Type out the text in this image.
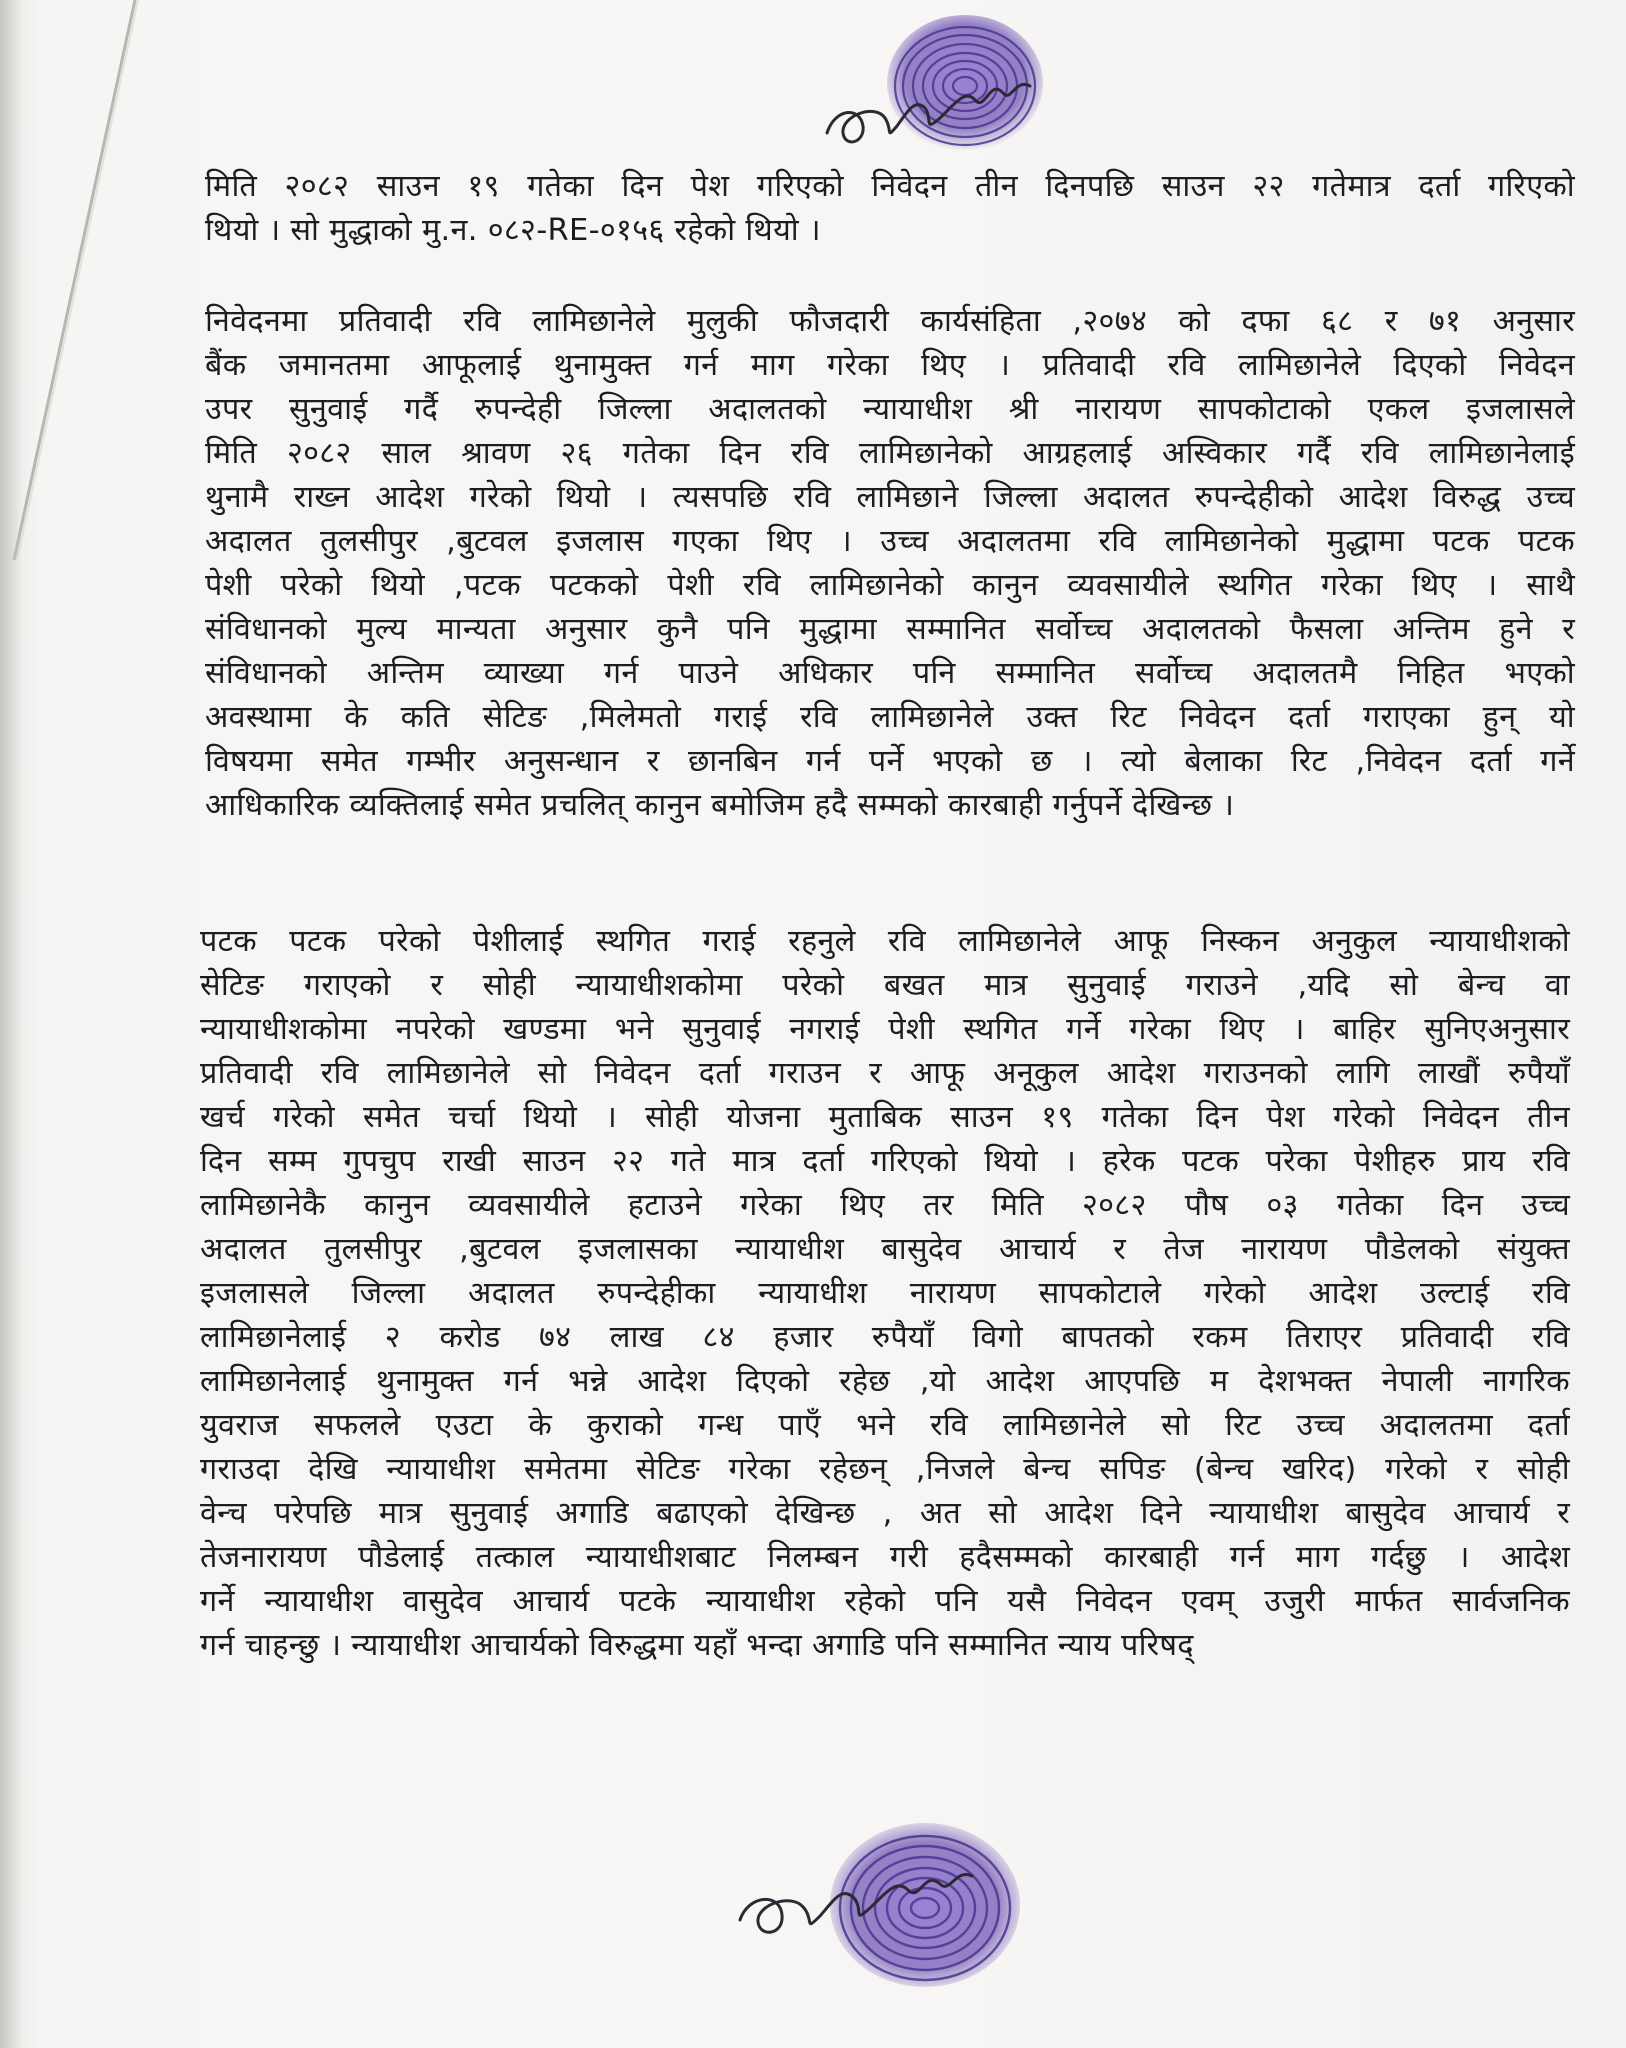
मिति २०८२ साउन १९ गतेका दिन पेश गरिएको निवेदन तीन दिनपछि साउन २२ गतेमात्र दर्ता गरिएको
थियो । सो मुद्धाको मु.न. ०८२-RE-०१५६ रहेको थियो ।
निवेदनमा प्रतिवादी रवि लामिछानेले मुलुकी फौजदारी कार्यसंहिता ,२०७४ को दफा ६८ र ७१ अनुसार
बैंक जमानतमा आफूलाई थुनामुक्त गर्न माग गरेका थिए । प्रतिवादी रवि लामिछानेले दिएको निवेदन
उपर सुनुवाई गर्दै रुपन्देही जिल्ला अदालतको न्यायाधीश श्री नारायण सापकोटाको एकल इजलासले
मिति २०८२ साल श्रावण २६ गतेका दिन रवि लामिछानेको आग्रहलाई अस्विकार गर्दै रवि लामिछानेलाई
थुनामै राख्न आदेश गरेको थियो । त्यसपछि रवि लामिछाने जिल्ला अदालत रुपन्देहीको आदेश विरुद्ध उच्च
अदालत तुलसीपुर ,बुटवल इजलास गएका थिए । उच्च अदालतमा रवि लामिछानेको मुद्धामा पटक पटक
पेशी परेको थियो ,पटक पटकको पेशी रवि लामिछानेको कानुन व्यवसायीले स्थगित गरेका थिए । साथै
संविधानको मुल्य मान्यता अनुसार कुनै पनि मुद्धामा सम्मानित सर्वोच्च अदालतको फैसला अन्तिम हुने र
संविधानको अन्तिम व्याख्या गर्न पाउने अधिकार पनि सम्मानित सर्वोच्च अदालतमै निहित भएको
अवस्थामा के कति सेटिङ ,मिलेमतो गराई रवि लामिछानेले उक्त रिट निवेदन दर्ता गराएका हुन् यो
विषयमा समेत गम्भीर अनुसन्धान र छानबिन गर्न पर्ने भएको छ । त्यो बेलाका रिट ,निवेदन दर्ता गर्ने
आधिकारिक व्यक्तिलाई समेत प्रचलित् कानुन बमोजिम हदै सम्मको कारबाही गर्नुपर्ने देखिन्छ ।
पटक पटक परेको पेशीलाई स्थगित गराई रहनुले रवि लामिछानेले आफू निस्कन अनुकुल न्यायाधीशको
सेटिङ गराएको र सोही न्यायाधीशकोमा परेको बखत मात्र सुनुवाई गराउने ,यदि सो बेन्च वा
न्यायाधीशकोमा नपरेको खण्डमा भने सुनुवाई नगराई पेशी स्थगित गर्ने गरेका थिए । बाहिर सुनिएअनुसार
प्रतिवादी रवि लामिछानेले सो निवेदन दर्ता गराउन र आफू अनूकुल आदेश गराउनको लागि लाखौं रुपैयाँ
खर्च गरेको समेत चर्चा थियो । सोही योजना मुताबिक साउन १९ गतेका दिन पेश गरेको निवेदन तीन
दिन सम्म गुपचुप राखी साउन २२ गते मात्र दर्ता गरिएको थियो । हरेक पटक परेका पेशीहरु प्राय रवि
लामिछानेकै कानुन व्यवसायीले हटाउने गरेका थिए तर मिति २०८२ पौष ०३ गतेका दिन उच्च
अदालत तुलसीपुर ,बुटवल इजलासका न्यायाधीश बासुदेव आचार्य र तेज नारायण पौडेलको संयुक्त
इजलासले जिल्ला अदालत रुपन्देहीका न्यायाधीश नारायण सापकोटाले गरेको आदेश उल्टाई रवि
लामिछानेलाई २ करोड ७४ लाख ८४ हजार रुपैयाँ विगो बापतको रकम तिराएर प्रतिवादी रवि
लामिछानेलाई थुनामुक्त गर्न भन्ने आदेश दिएको रहेछ ,यो आदेश आएपछि म देशभक्त नेपाली नागरिक
युवराज सफलले एउटा के कुराको गन्ध पाएँ भने रवि लामिछानेले सो रिट उच्च अदालतमा दर्ता
गराउदा देखि न्यायाधीश समेतमा सेटिङ गरेका रहेछन् ,निजले बेन्च सपिङ (बेन्च खरिद) गरेको र सोही
वेन्च परेपछि मात्र सुनुवाई अगाडि बढाएको देखिन्छ , अत सो आदेश दिने न्यायाधीश बासुदेव आचार्य र
तेजनारायण पौडेलाई तत्काल न्यायाधीशबाट निलम्बन गरी हदैसम्मको कारबाही गर्न माग गर्दछु । आदेश
गर्ने न्यायाधीश वासुदेव आचार्य पटके न्यायाधीश रहेको पनि यसै निवेदन एवम् उजुरी मार्फत सार्वजनिक
गर्न चाहन्छु । न्यायाधीश आचार्यको विरुद्धमा यहाँ भन्दा अगाडि पनि सम्मानित न्याय परिषद्
